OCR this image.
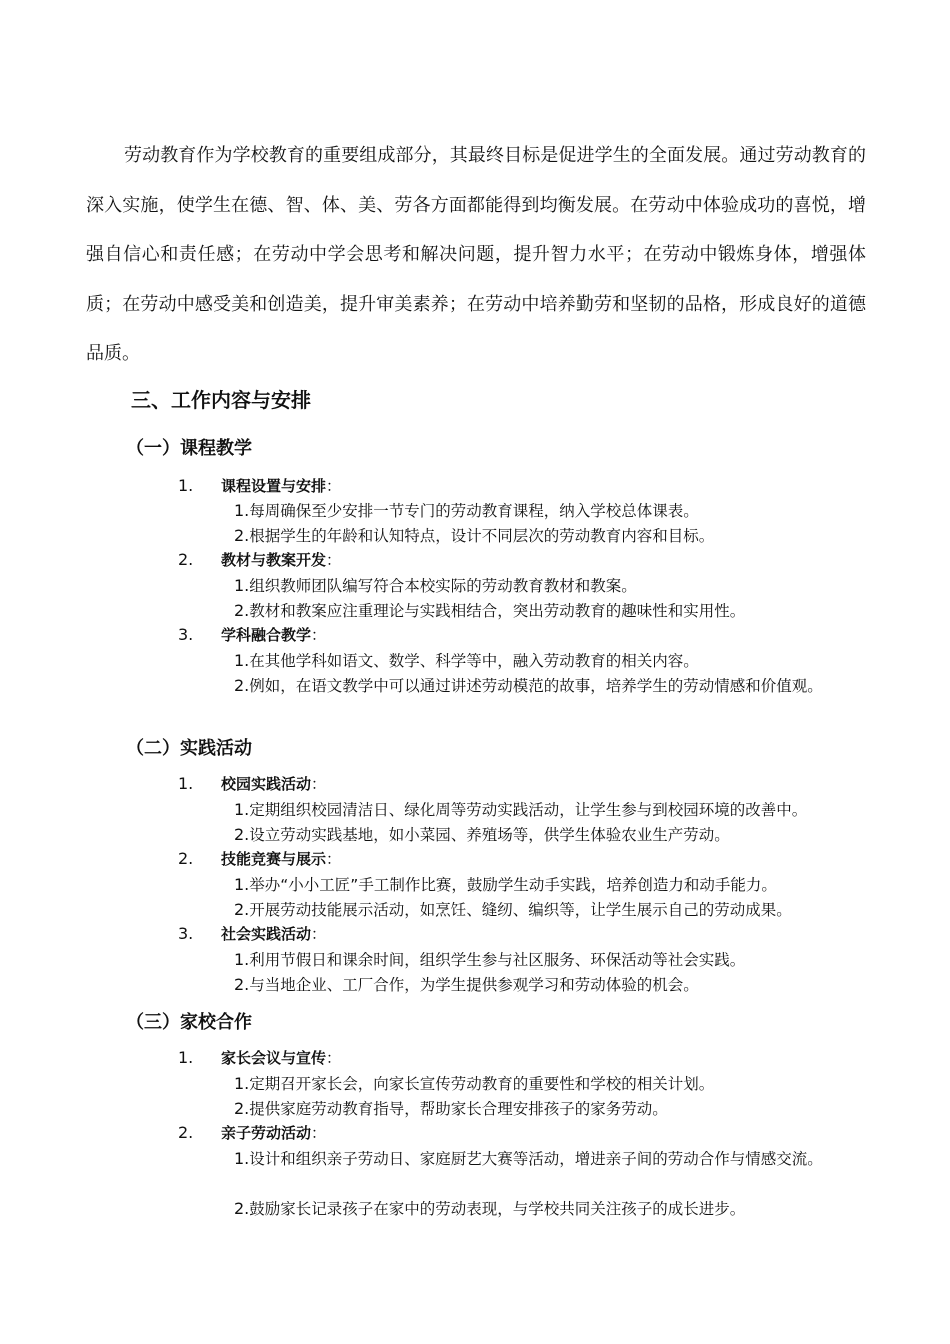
劳动教育作为学校教育的重要组成部分，其最终目标是促进学生的全面发展。通过劳动教育的深入实施，使学生在德、智、体、美、劳各方面都能得到均衡发展。在劳动中体验成功的喜悦，增强自信心和责任感；在劳动中学会思考和解决问题，提升智力水平；在劳动中锻炼身体，增强体质；在劳动中感受美和创造美，提升审美素养；在劳动中培养勤劳和坚韧的品格，形成良好的道德品质。

三、工作内容与安排
（一）课程教学

1. 课程设置与安排：

1.每周确保至少安排一节专门的劳动教育课程，纳入学校总体课表。

2.根据学生的年龄和认知特点，设计不同层次的劳动教育内容和目标。

2. 教材与教案开发：

1.组织教师团队编写符合本校实际的劳动教育教材和教案。

2.教材和教案应注重理论与实践相结合，突出劳动教育的趣味性和实用性。

3. 学科融合教学：

1.在其他学科如语文、数学、科学等中，融入劳动教育的相关内容。

2.例如，在语文教学中可以通过讲述劳动模范的故事，培养学生的劳动情感和价值观。

（二）实践活动

1. 校园实践活动：

1.定期组织校园清洁日、绿化周等劳动实践活动，让学生参与到校园环境的改善中。

2.设立劳动实践基地，如小菜园、养殖场等，供学生体验农业生产劳动。

2. 技能竞赛与展示：

1.举办“小小工匠”手工制作比赛，鼓励学生动手实践，培养创造力和动手能力。

2.开展劳动技能展示活动，如烹饪、缝纫、编织等，让学生展示自己的劳动成果。

3. 社会实践活动：

1.利用节假日和课余时间，组织学生参与社区服务、环保活动等社会实践。

2.与当地企业、工厂合作，为学生提供参观学习和劳动体验的机会。

（三）家校合作

1. 家长会议与宣传：

1.定期召开家长会，向家长宣传劳动教育的重要性和学校的相关计划。

2.提供家庭劳动教育指导，帮助家长合理安排孩子的家务劳动。

2. 亲子劳动活动：

1.设计和组织亲子劳动日、家庭厨艺大赛等活动，增进亲子间的劳动合作与情感交流。

2.鼓励家长记录孩子在家中的劳动表现，与学校共同关注孩子的成长进步。
